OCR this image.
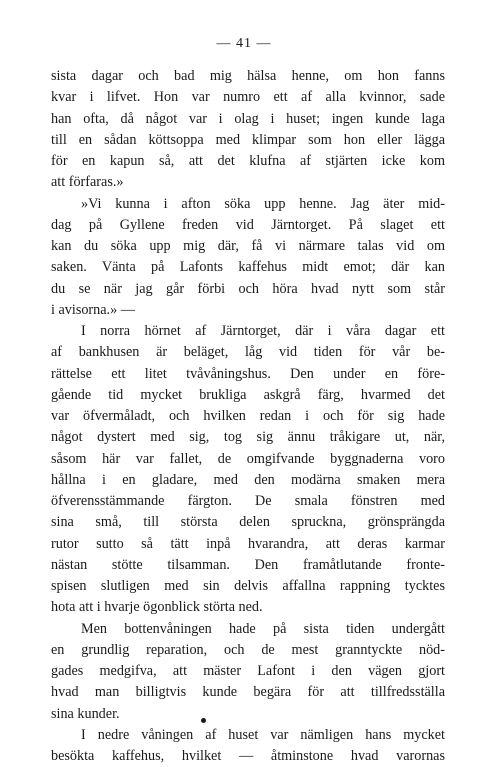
— 41 —
sista dagar och bad mig hälsa henne, om hon fanns
kvar i lifvet. Hon var numro ett af alla kvinnor, sade
han ofta, då något var i olag i huset; ingen kunde laga
till en sådan köttsoppa med klimpar som hon eller lägga
för en kapun så, att det klufna af stjärten icke kom
att förfaras.»
»Vi kunna i afton söka upp henne. Jag äter mid-
dag på Gyllene freden vid Järntorget. På slaget ett
kan du söka upp mig där, få vi närmare talas vid om
saken. Vänta på Lafonts kaffehus midt emot; där kan
du se när jag går förbi och höra hvad nytt som står
i avisorna.» —
I norra hörnet af Järntorget, där i våra dagar ett
af bankhusen är beläget, låg vid tiden för vår be-
rättelse ett litet tvåvåningshus. Den under en före-
gående tid mycket brukliga askgrå färg, hvarmed det
var öfvermåladt, och hvilken redan i och för sig hade
något dystert med sig, tog sig ännu tråkigare ut, när,
såsom här var fallet, de omgifvande byggnaderna voro
hållna i en gladare, med den modärna smaken mera
öfverensstämmande färgton. De smala fönstren med
sina små, till största delen spruckna, grönsprängda
rutor sutto så tätt inpå hvarandra, att deras karmar
nästan stötte tilsamman. Den framåtlutande fronte-
spisen slutligen med sin delvis affallna rappning tycktes
hota att i hvarje ögonblick störta ned.
Men bottenvåningen hade på sista tiden undergått
en grundlig reparation, och de mest granntyckte nöd-
gades medgifva, att mäster Lafont i den vägen gjort
hvad man billigtvis kunde begära för att tillfredsställa
sina kunder.
I nedre våningen af huset var nämligen hans mycket
besökta kaffehus, hvilket — åtminstone hvad varornas
